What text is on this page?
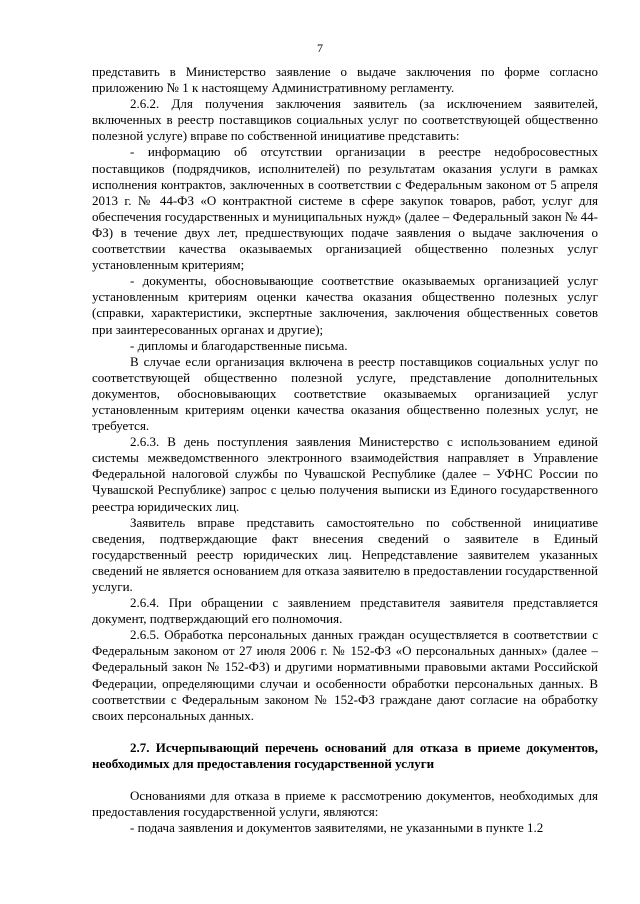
7

представить в Министерство заявление о выдаче заключения по форме согласно приложению № 1 к настоящему Административному регламенту.

2.6.2. Для получения заключения заявитель (за исключением заявителей, включенных в реестр поставщиков социальных услуг по соответствующей общественно полезной услуге) вправе по собственной инициативе представить:

- информацию об отсутствии организации в реестре недобросовестных поставщиков (подрядчиков, исполнителей) по результатам оказания услуги в рамках исполнения контрактов, заключенных в соответствии с Федеральным законом от 5 апреля 2013 г. № 44-ФЗ «О контрактной системе в сфере закупок товаров, работ, услуг для обеспечения государственных и муниципальных нужд» (далее – Федеральный закон № 44-ФЗ) в течение двух лет, предшествующих подаче заявления о выдаче заключения о соответствии качества оказываемых организацией общественно полезных услуг установленным критериям;

- документы, обосновывающие соответствие оказываемых организацией услуг установленным критериям оценки качества оказания общественно полезных услуг (справки, характеристики, экспертные заключения, заключения общественных советов при заинтересованных органах и другие);

- дипломы и благодарственные письма.

В случае если организация включена в реестр поставщиков социальных услуг по соответствующей общественно полезной услуге, представление дополнительных документов, обосновывающих соответствие оказываемых организацией услуг установленным критериям оценки качества оказания общественно полезных услуг, не требуется.

2.6.3. В день поступления заявления Министерство с использованием единой системы межведомственного электронного взаимодействия направляет в Управление Федеральной налоговой службы по Чувашской Республике (далее – УФНС России по Чувашской Республике) запрос с целью получения выписки из Единого государственного реестра юридических лиц.

Заявитель вправе представить самостоятельно по собственной инициативе сведения, подтверждающие факт внесения сведений о заявителе в Единый государственный реестр юридических лиц. Непредставление заявителем указанных сведений не является основанием для отказа заявителю в предоставлении государственной услуги.

2.6.4. При обращении с заявлением представителя заявителя представляется документ, подтверждающий его полномочия.

2.6.5. Обработка персональных данных граждан осуществляется в соответствии с Федеральным законом от 27 июля 2006 г. № 152-ФЗ «О персональных данных» (далее – Федеральный закон № 152-ФЗ) и другими нормативными правовыми актами Российской Федерации, определяющими случаи и особенности обработки персональных данных. В соответствии с Федеральным законом № 152-ФЗ граждане дают согласие на обработку своих персональных данных.

2.7. Исчерпывающий перечень оснований для отказа в приеме документов, необходимых для предоставления государственной услуги

Основаниями для отказа в приеме к рассмотрению документов, необходимых для предоставления государственной услуги, являются:

- подача заявления и документов заявителями, не указанными в пункте 1.2
